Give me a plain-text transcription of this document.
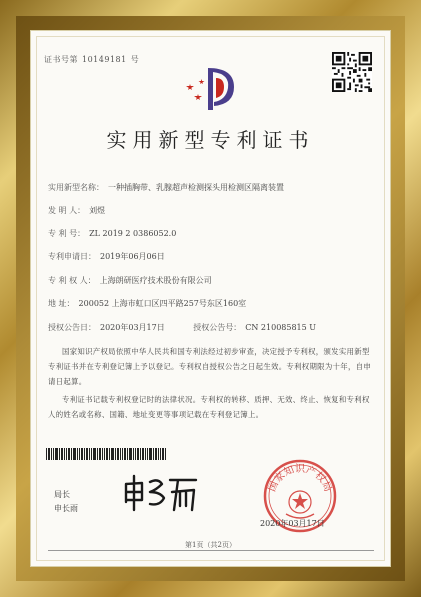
证书号第 10149181 号
实用新型专利证书
实用新型名称： 一种插胸带、乳腺超声检测探头用检测区隔离装置
发 明 人： 刘煜
专 利 号： ZL 2019 2 0386052.0
专利申请日： 2019年06月06日
专 利 权 人： 上海朗研医疗技术股份有限公司
地 址： 200052 上海市虹口区四平路257号东区160室
授权公告日： 2020年03月17日	授权公告号： CN 210085815 U
国家知识产权局依照中华人民共和国专利法经过初步审查，决定授予专利权，颁发实用新型专利证书并在专利登记簿上予以登记。专利权自授权公告之日起生效。专利权期限为十年，自申请日起算。
专利证书记载专利权登记时的法律状况。专利权的转移、质押、无效、终止、恢复和专利权人的姓名或名称、国籍、地址变更等事项记载在专利登记簿上。
局长
申长雨
国家知识产权局
2020年03月17日
第1页（共2页）
